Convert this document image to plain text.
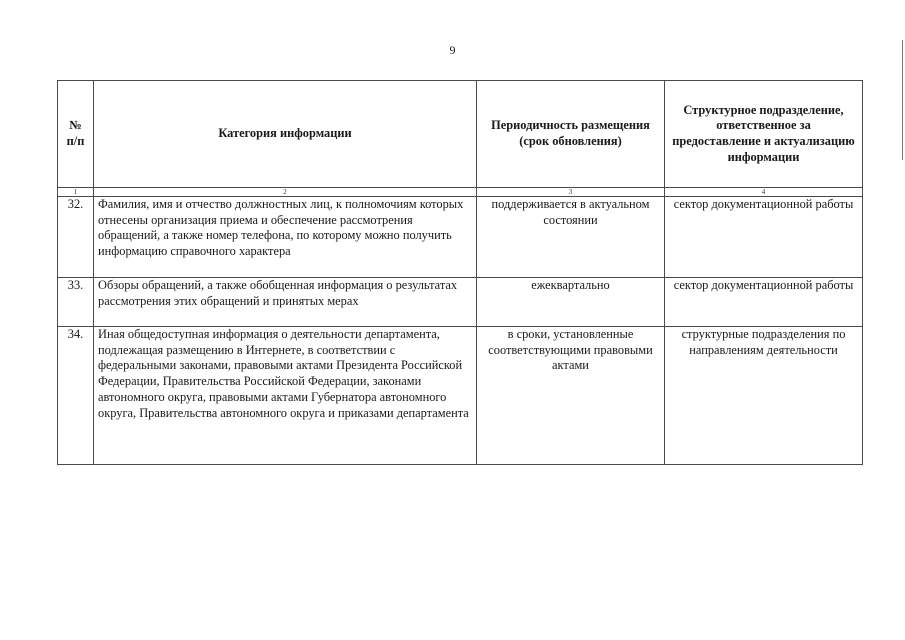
9
№ п/п	Категория информации	Периодичность размещения (срок обновления)	Структурное подразделение, ответственное за предоставление и актуализацию информации
1	2	3	4
32.	Фамилия, имя и отчество должностных лиц, к полномочиям которых отнесены организация приема и обеспечение рассмотрения обращений, а также номер телефона, по которому можно получить информацию справочного характера	поддерживается в актуальном состоянии	сектор документационной работы
33.	Обзоры обращений, а также обобщенная информация о результатах рассмотрения этих обращений и принятых мерах	ежеквартально	сектор документационной работы
34.	Иная общедоступная информация о деятельности департамента, подлежащая размещению в Интернете, в соответствии с федеральными законами, правовыми актами Президента Российской Федерации, Правительства Российской Федерации, законами автономного округа, правовыми актами Губернатора автономного округа, Правительства автономного округа и приказами департамента	в сроки, установленные соответствующими правовыми актами	структурные подразделения по направлениям деятельности
